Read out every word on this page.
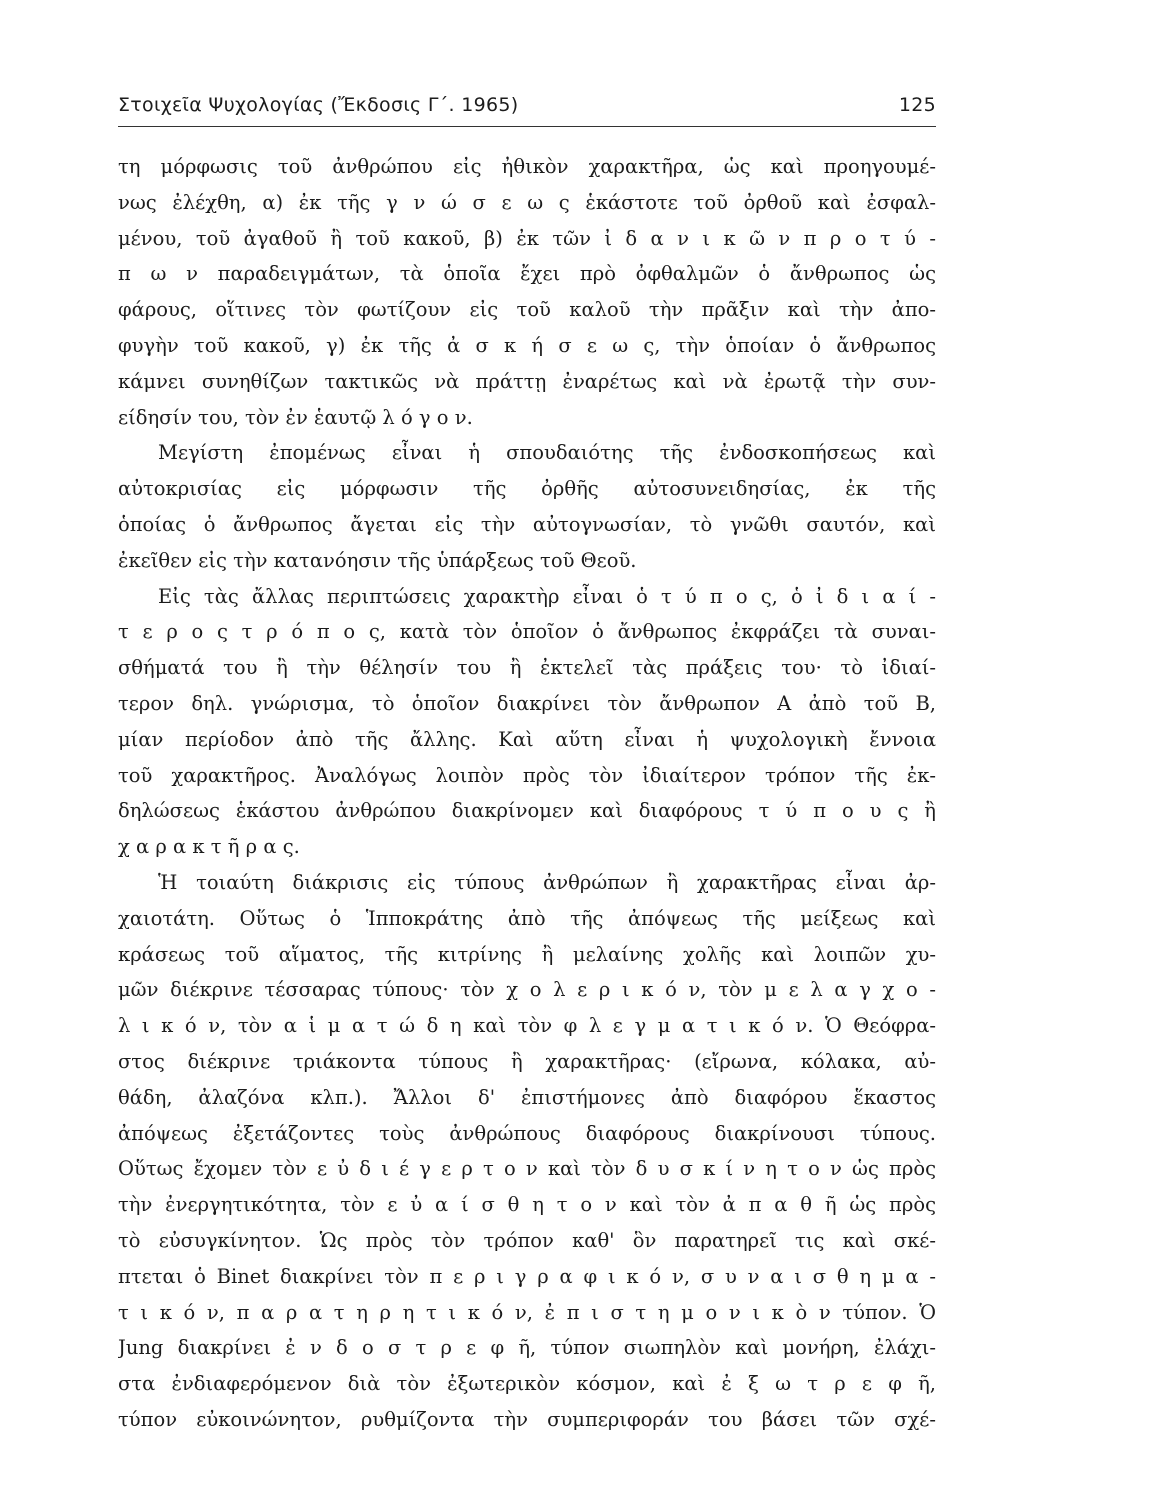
Στοιχεῖα Ψυχολογίας (Ἔκδοσις Γ΄. 1965)	125
τη μόρφωσις τοῦ ἀνθρώπου εἰς ἠθικὸν χαρακτῆρα, ὡς καὶ προηγουμέ-
νως ἐλέχθη, α) ἐκ τῆς γ ν ώ σ ε ω ς ἑκάστοτε τοῦ ὀρθοῦ καὶ ἐσφαλ-
μένου, τοῦ ἀγαθοῦ ἢ τοῦ κακοῦ, β) ἐκ τῶν ἰ δ α ν ι κ ῶ ν π ρ ο τ ύ -
π ω ν παραδειγμάτων, τὰ ὁποῖα ἔχει πρὸ ὀφθαλμῶν ὁ ἄνθρωπος ὡς
φάρους, οἵτινες τὸν φωτίζουν εἰς τοῦ καλοῦ τὴν πρᾶξιν καὶ τὴν ἀπο-
φυγὴν τοῦ κακοῦ, γ) ἐκ τῆς ἀ σ κ ή σ ε ω ς, τὴν ὁποίαν ὁ ἄνθρωπος
κάμνει συνηθίζων τακτικῶς νὰ πράττῃ ἐναρέτως καὶ νὰ ἐρωτᾷ τὴν συν-
είδησίν του, τὸν ἐν ἑαυτῷ λ ό γ ο ν.
Μεγίστη ἐπομένως εἶναι ἡ σπουδαιότης τῆς ἐνδοσκοπήσεως καὶ
αὐτοκρισίας εἰς μόρφωσιν τῆς ὀρθῆς αὐτοσυνειδησίας, ἐκ τῆς
ὁποίας ὁ ἄνθρωπος ἄγεται εἰς τὴν αὐτογνωσίαν, τὸ γνῶθι σαυτόν, καὶ
ἐκεῖθεν εἰς τὴν κατανόησιν τῆς ὑπάρξεως τοῦ Θεοῦ.
Εἰς τὰς ἄλλας περιπτώσεις χαρακτὴρ εἶναι ὁ τ ύ π ο ς, ὁ ἰ δ ι α ί -
τ ε ρ ο ς τ ρ ό π ο ς, κατὰ τὸν ὁποῖον ὁ ἄνθρωπος ἐκφράζει τὰ συναι-
σθήματά του ἢ τὴν θέλησίν του ἢ ἐκτελεῖ τὰς πράξεις του· τὸ ἰδιαί-
τερον δηλ. γνώρισμα, τὸ ὁποῖον διακρίνει τὸν ἄνθρωπον Α ἀπὸ τοῦ Β,
μίαν περίοδον ἀπὸ τῆς ἄλλης. Καὶ αὕτη εἶναι ἡ ψυχολογικὴ ἔννοια
τοῦ χαρακτῆρος. Ἀναλόγως λοιπὸν πρὸς τὸν ἰδιαίτερον τρόπον τῆς ἐκ-
δηλώσεως ἑκάστου ἀνθρώπου διακρίνομεν καὶ διαφόρους τ ύ π ο υ ς ἢ
χ α ρ α κ τ ῆ ρ α ς.
Ἡ τοιαύτη διάκρισις εἰς τύπους ἀνθρώπων ἢ χαρακτῆρας εἶναι ἀρ-
χαιοτάτη. Οὕτως ὁ Ἱπποκράτης ἀπὸ τῆς ἀπόψεως τῆς μείξεως καὶ
κράσεως τοῦ αἵματος, τῆς κιτρίνης ἢ μελαίνης χολῆς καὶ λοιπῶν χυ-
μῶν διέκρινε τέσσαρας τύπους· τὸν χ ο λ ε ρ ι κ ό ν, τὸν μ ε λ α γ χ ο -
λ ι κ ό ν, τὸν α ἱ μ α τ ώ δ η καὶ τὸν φ λ ε γ μ α τ ι κ ό ν. Ὁ Θεόφρα-
στος διέκρινε τριάκοντα τύπους ἢ χαρακτῆρας· (εἴρωνα, κόλακα, αὐ-
θάδη, ἀλαζόνα κλπ.). Ἄλλοι δ' ἐπιστήμονες ἀπὸ διαφόρου ἕκαστος
ἀπόψεως ἐξετάζοντες τοὺς ἀνθρώπους διαφόρους διακρίνουσι τύπους.
Οὕτως ἔχομεν τὸν ε ὐ δ ι έ γ ε ρ τ ο ν καὶ τὸν δ υ σ κ ί ν η τ ο ν ὡς πρὸς
τὴν ἐνεργητικότητα, τὸν ε ὐ α ί σ θ η τ ο ν καὶ τὸν ἀ π α θ ῆ ὡς πρὸς
τὸ εὐσυγκίνητον. Ὡς πρὸς τὸν τρόπον καθ' ὃν παρατηρεῖ τις καὶ σκέ-
πτεται ὁ Binet διακρίνει τὸν π ε ρ ι γ ρ α φ ι κ ό ν, σ υ ν α ι σ θ η μ α -
τ ι κ ό ν, π α ρ α τ η ρ η τ ι κ ό ν, ἐ π ι σ τ η μ ο ν ι κ ὸ ν τύπον. Ὁ
Jung διακρίνει ἐ ν δ ο σ τ ρ ε φ ῆ, τύπον σιωπηλὸν καὶ μονήρη, ἐλάχι-
στα ἐνδιαφερόμενον διὰ τὸν ἐξωτερικὸν κόσμον, καὶ ἐ ξ ω τ ρ ε φ ῆ,
τύπον εὐκοινώνητον, ρυθμίζοντα τὴν συμπεριφοράν του βάσει τῶν σχέ-
